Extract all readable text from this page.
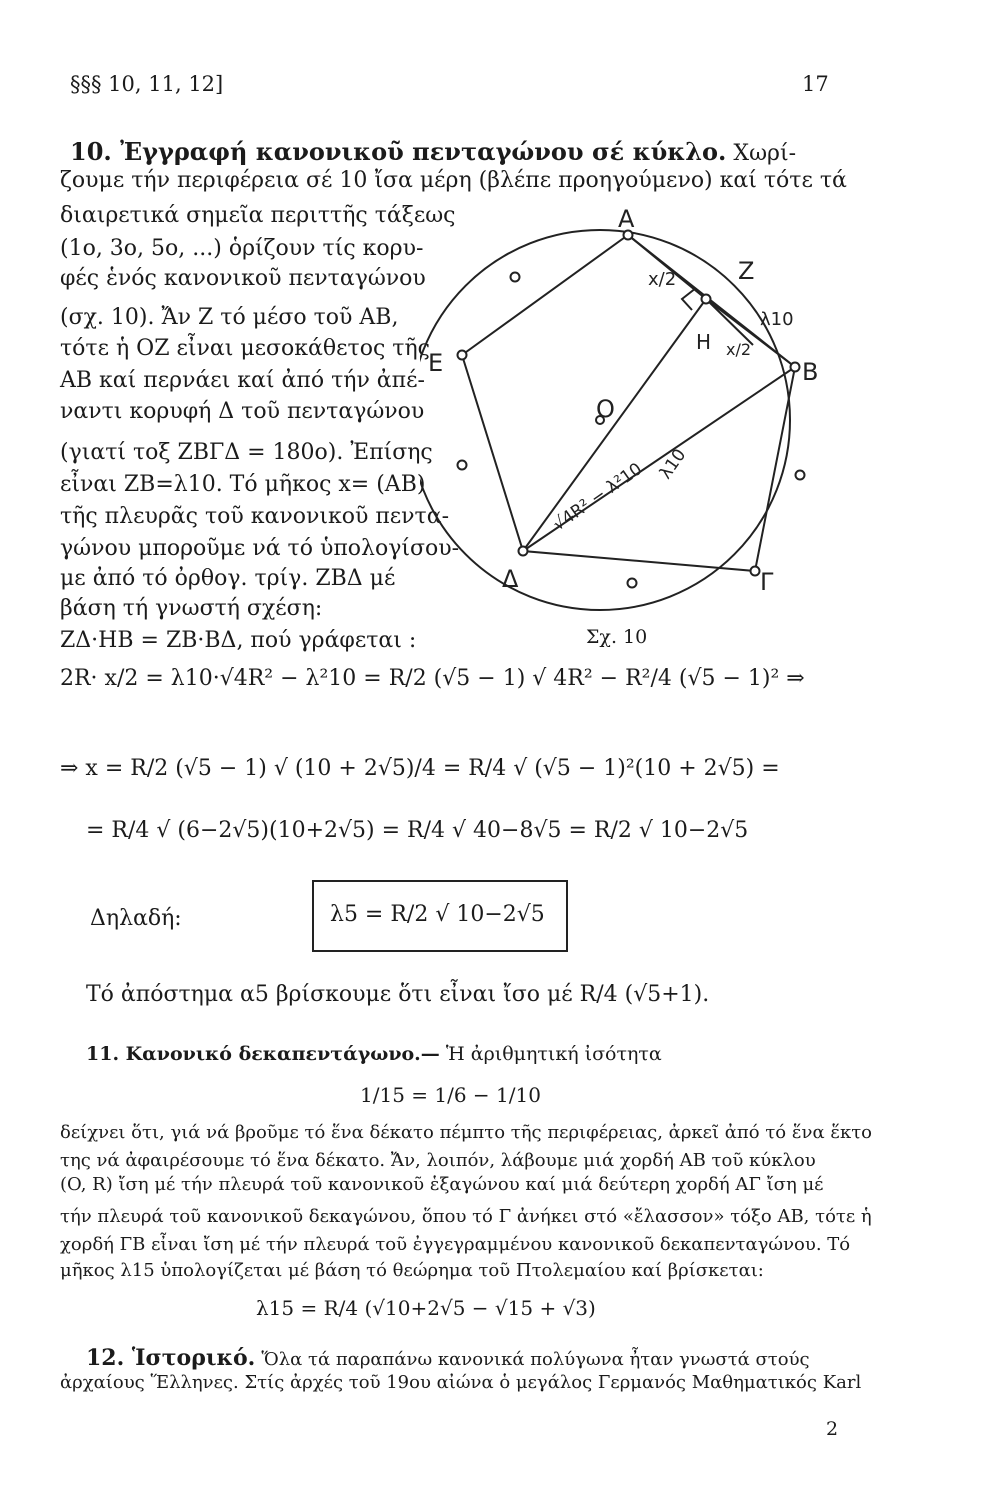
§§§ 10, 11, 12]	17
10. Ἐγγραφή κανονικοῦ πενταγώνου σέ κύκλο. Χωρί-
ζουμε τήν περιφέρεια σέ 10 ἴσα μέρη (βλέπε προηγούμενο) καί τότε τά
διαιρετικά σημεῖα περιττῆς τάξεως
(1ο, 3ο, 5ο, ...) ὁρίζουν τίς κορυ-
φές ἑνός κανονικοῦ πενταγώνου
(σχ. 10). Ἄν Ζ τό μέσο τοῦ ΑΒ,
τότε ἡ ΟΖ εἶναι μεσοκάθετος τῆς
ΑΒ καί περνάει καί ἀπό τήν ἀπέ-
ναντι κορυφή Δ τοῦ πενταγώνου
(γιατί τοξ ΖΒΓΔ = 180ο). Ἐπίσης
εἶναι ΖΒ=λ10. Τό μῆκος x= (ΑΒ)
τῆς πλευρᾶς τοῦ κανονικοῦ πεντα-
γώνου μποροῦμε νά τό ὑπολογίσου-
με ἀπό τό ὀρθογ. τρίγ. ΖΒΔ μέ
βάση τή γνωστή σχέση:
ΖΔ·ΗΒ = ΖΒ·ΒΔ, πού γράφεται :
Α
Ζ
Β
Ε
Ο
Η
Δ	Γ
x/2
x/2
λ10
λ10
√4R² − λ²10
Σχ. 10
2R· x/2 = λ10·√4R² − λ²10 = R/2 (√5 − 1) √ 4R² − R²/4 (√5 − 1)² ⇒
⇒ x = R/2 (√5 − 1) √ (10 + 2√5)/4 = R/4 √ (√5 − 1)²(10 + 2√5) =
= R/4 √ (6−2√5)(10+2√5) = R/4 √ 40−8√5 = R/2 √ 10−2√5
Δηλαδή:	λ5 = R/2 √ 10−2√5
Τό ἀπόστημα α5 βρίσκουμε ὅτι εἶναι ἴσο μέ R/4 (√5+1).
11. Κανονικό δεκαπεντάγωνο.— Ἡ ἀριθμητική ἰσότητα
1/15 = 1/6 − 1/10
δείχνει ὅτι, γιά νά βροῦμε τό ἕνα δέκατο πέμπτο τῆς περιφέρειας, ἀρκεῖ ἀπό τό ἕνα ἕκτο
της νά ἀφαιρέσουμε τό ἕνα δέκατο. Ἄν, λοιπόν, λάβουμε μιά χορδή ΑΒ τοῦ κύκλου
(O, R) ἴση μέ τήν πλευρά τοῦ κανονικοῦ ἑξαγώνου καί μιά δεύτερη χορδή ΑΓ ἴση μέ
τήν πλευρά τοῦ κανονικοῦ δεκαγώνου, ὅπου τό Γ ἀνήκει στό «ἔλασσον» τόξο ΑΒ, τότε ἡ
χορδή ΓΒ εἶναι ἴση μέ τήν πλευρά τοῦ ἐγγεγραμμένου κανονικοῦ δεκαπενταγώνου. Τό
μῆκος λ15 ὑπολογίζεται μέ βάση τό θεώρημα τοῦ Πτολεμαίου καί βρίσκεται:
λ15 = R/4 (√10+2√5 − √15 + √3)
12. Ἱστορικό. Ὅλα τά παραπάνω κανονικά πολύγωνα ἦταν γνωστά στούς
ἀρχαίους Ἕλληνες. Στίς ἀρχές τοῦ 19ου αἰώνα ὁ μεγάλος Γερμανός Μαθηματικός Karl
2
